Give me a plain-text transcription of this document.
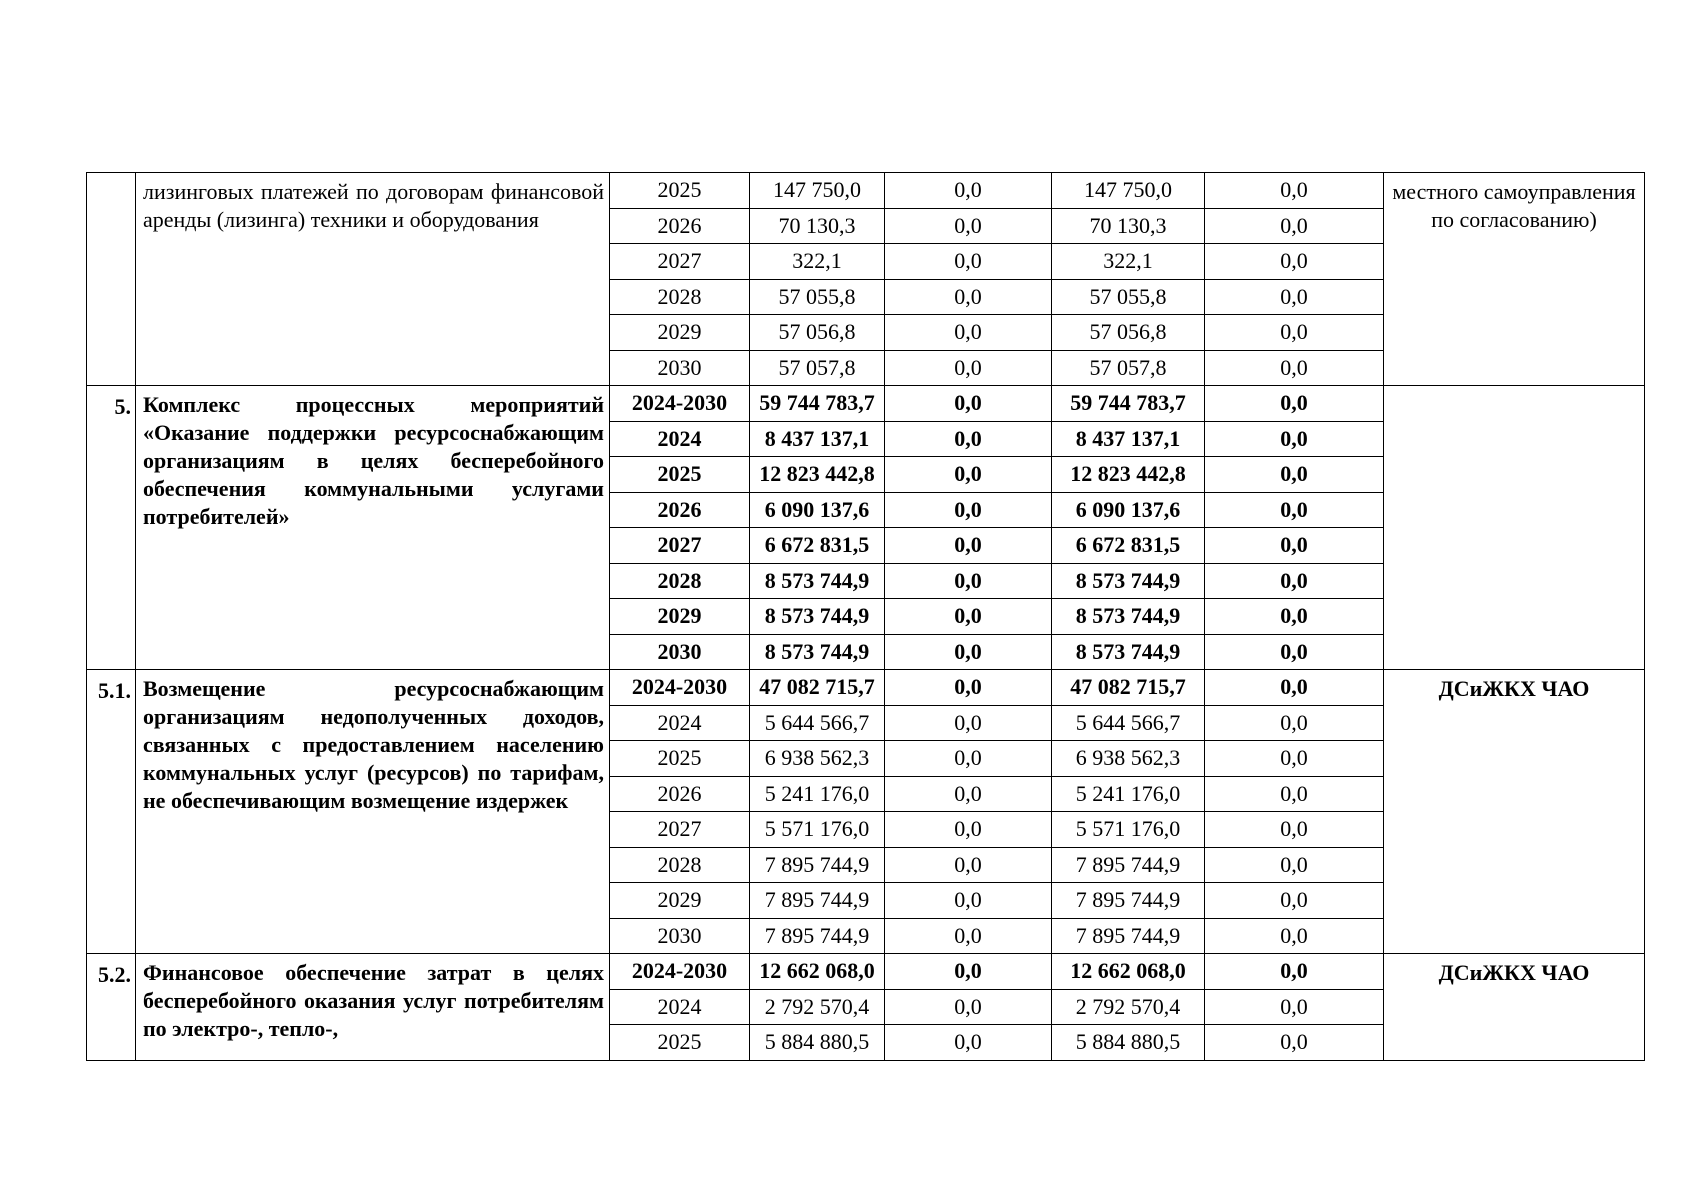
	лизинговых платежей по договорам финансовой аренды (лизинга) техники и оборудования	2025	147 750,0	0,0	147 750,0	0,0	местного самоуправления по согласованию)
		2026	70 130,3	0,0	70 130,3	0,0	
		2027	322,1	0,0	322,1	0,0	
		2028	57 055,8	0,0	57 055,8	0,0	
		2029	57 056,8	0,0	57 056,8	0,0	
		2030	57 057,8	0,0	57 057,8	0,0	
5.	Комплекс процессных мероприятий «Оказание поддержки ресурсоснабжающим организациям в целях бесперебойного обеспечения коммунальными услугами потребителей»	2024-2030	59 744 783,7	0,0	59 744 783,7	0,0	
		2024	8 437 137,1	0,0	8 437 137,1	0,0	
		2025	12 823 442,8	0,0	12 823 442,8	0,0	
		2026	6 090 137,6	0,0	6 090 137,6	0,0	
		2027	6 672 831,5	0,0	6 672 831,5	0,0	
		2028	8 573 744,9	0,0	8 573 744,9	0,0	
		2029	8 573 744,9	0,0	8 573 744,9	0,0	
		2030	8 573 744,9	0,0	8 573 744,9	0,0	
5.1.	Возмещение ресурсоснабжающим организациям недополученных доходов, связанных с предоставлением населению коммунальных услуг (ресурсов) по тарифам, не обеспечивающим возмещение издержек	2024-2030	47 082 715,7	0,0	47 082 715,7	0,0	ДСиЖКХ ЧАО
		2024	5 644 566,7	0,0	5 644 566,7	0,0	
		2025	6 938 562,3	0,0	6 938 562,3	0,0	
		2026	5 241 176,0	0,0	5 241 176,0	0,0	
		2027	5 571 176,0	0,0	5 571 176,0	0,0	
		2028	7 895 744,9	0,0	7 895 744,9	0,0	
		2029	7 895 744,9	0,0	7 895 744,9	0,0	
		2030	7 895 744,9	0,0	7 895 744,9	0,0	
5.2.	Финансовое обеспечение затрат в целях бесперебойного оказания услуг потребителям по электро-, тепло-,	2024-2030	12 662 068,0	0,0	12 662 068,0	0,0	ДСиЖКХ ЧАО
		2024	2 792 570,4	0,0	2 792 570,4	0,0	
		2025	5 884 880,5	0,0	5 884 880,5	0,0	
